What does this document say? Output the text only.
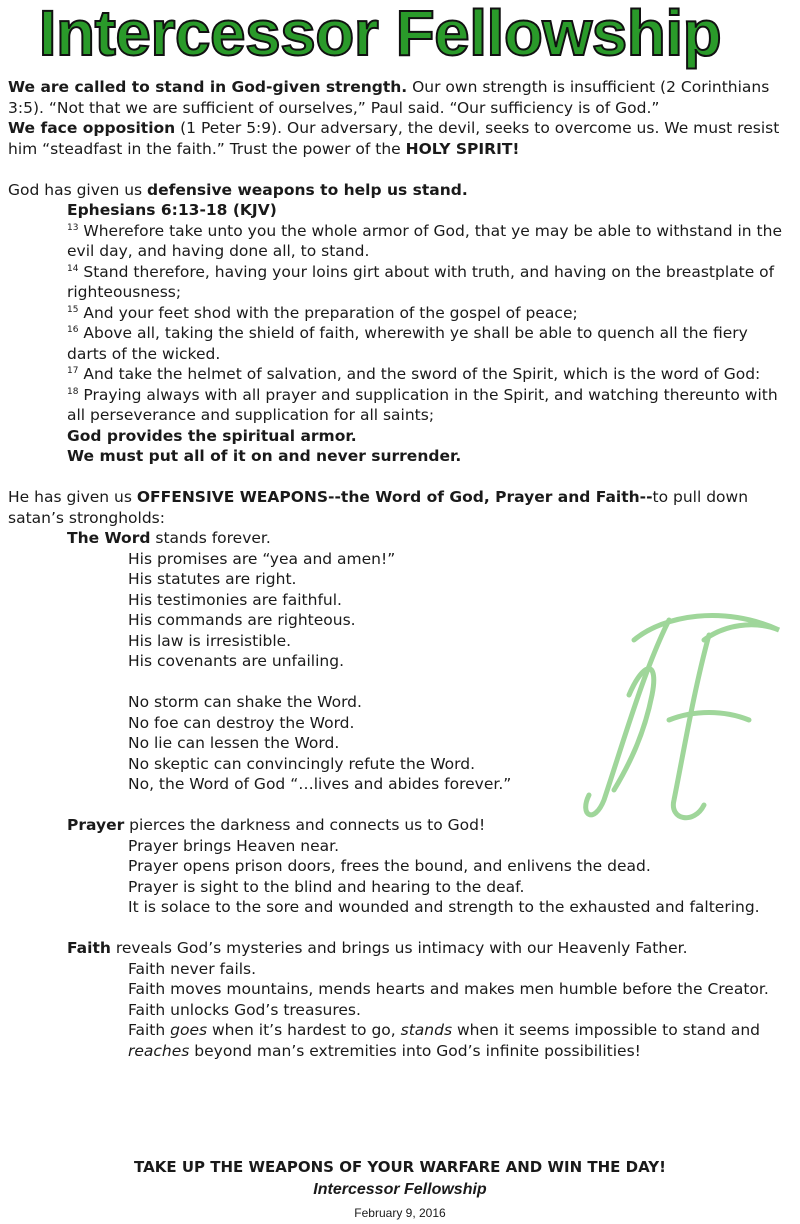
Intercessor Fellowship
IF

We are called to stand in God-given strength. Our own strength is insufficient (2 Corinthians 3:5). “Not that we are sufficient of ourselves,” Paul said. “Our sufficiency is of God.”

We face opposition (1 Peter 5:9). Our adversary, the devil, seeks to overcome us. We must resist him “steadfast in the faith.” Trust the power of the HOLY SPIRIT!

God has given us defensive weapons to help us stand.

Ephesians 6:13-18 (KJV)

$^{13}$ Wherefore take unto you the whole armor of God, that ye may be able to withstand in the evil day, and having done all, to stand.

$^{14}$ Stand therefore, having your loins girt about with truth, and having on the breastplate of righteousness;

$^{15}$ And your feet shod with the preparation of the gospel of peace;

$^{16}$ Above all, taking the shield of faith, wherewith ye shall be able to quench all the fiery darts of the wicked.

$^{17}$ And take the helmet of salvation, and the sword of the Spirit, which is the word of God:

$^{18}$ Praying always with all prayer and supplication in the Spirit, and watching thereunto with all perseverance and supplication for all saints;

God provides the spiritual armor.

We must put all of it on and never surrender.

He has given us OFFENSIVE WEAPONS--the Word of God, Prayer and Faith--to pull down satan’s strongholds:

The Word stands forever.

His promises are “yea and amen!”

His statutes are right.

His testimonies are faithful.

His commands are righteous.

His law is irresistible.

His covenants are unfailing.

No storm can shake the Word.

No foe can destroy the Word.

No lie can lessen the Word.

No skeptic can convincingly refute the Word.

No, the Word of God “…lives and abides forever.”

Prayer pierces the darkness and connects us to God!

Prayer brings Heaven near.

Prayer opens prison doors, frees the bound, and enlivens the dead.

Prayer is sight to the blind and hearing to the deaf.

It is solace to the sore and wounded and strength to the exhausted and faltering.

Faith reveals God’s mysteries and brings us intimacy with our Heavenly Father.

Faith never fails.

Faith moves mountains, mends hearts and makes men humble before the Creator.

Faith unlocks God’s treasures.

Faith goes when it’s hardest to go, stands when it seems impossible to stand and reaches beyond man’s extremities into God’s infinite possibilities!

TAKE UP THE WEAPONS OF YOUR WARFARE AND WIN THE DAY!
Intercessor Fellowship
February 9, 2016
